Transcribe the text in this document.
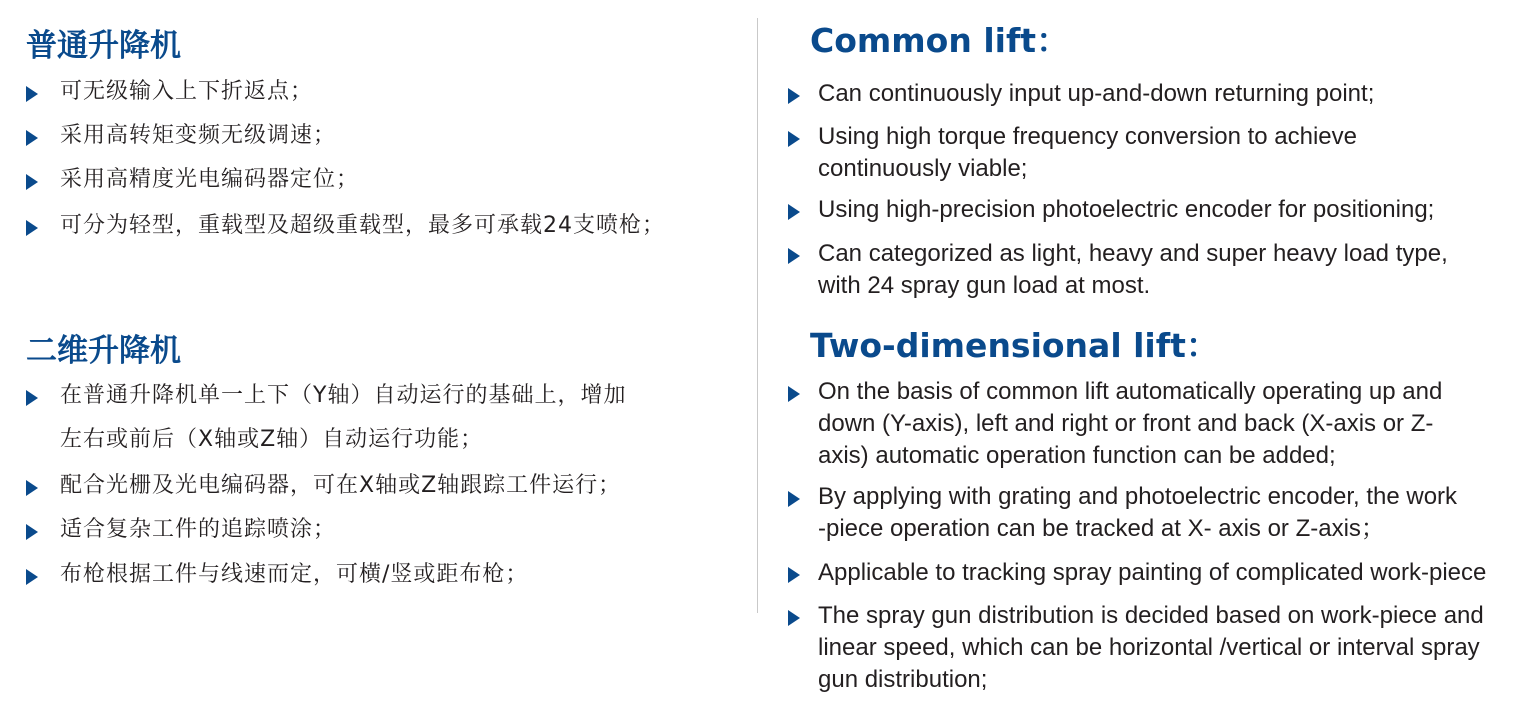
普通升降机
可无级输入上下折返点；
采用高转矩变频无级调速；
采用高精度光电编码器定位；
可分为轻型，重载型及超级重载型，最多可承载24支喷枪；
二维升降机
在普通升降机单一上下（Y轴）自动运行的基础上，增加
左右或前后（X轴或Z轴）自动运行功能；
配合光栅及光电编码器，可在X轴或Z轴跟踪工件运行；
适合复杂工件的追踪喷涂；
布枪根据工件与线速而定，可横/竖或距布枪；
Common lift：
Can continuously input up-and-down returning point;
Using high torque frequency conversion to achieve
continuously viable;
Using high-precision photoelectric encoder for positioning;
Can categorized as light, heavy and super heavy load type,
with 24 spray gun load at most.
Two-dimensional lift：
On the basis of common lift automatically operating up and
down (Y-axis), left and right or front and back (X-axis or Z-
axis) automatic operation function can be added;
By applying with grating and photoelectric encoder, the work
-piece operation can be tracked at X- axis or Z-axis；
Applicable to tracking spray painting of complicated work-piece
The spray gun distribution is decided based on work-piece and
linear speed, which can be horizontal /vertical or interval spray
gun distribution;
